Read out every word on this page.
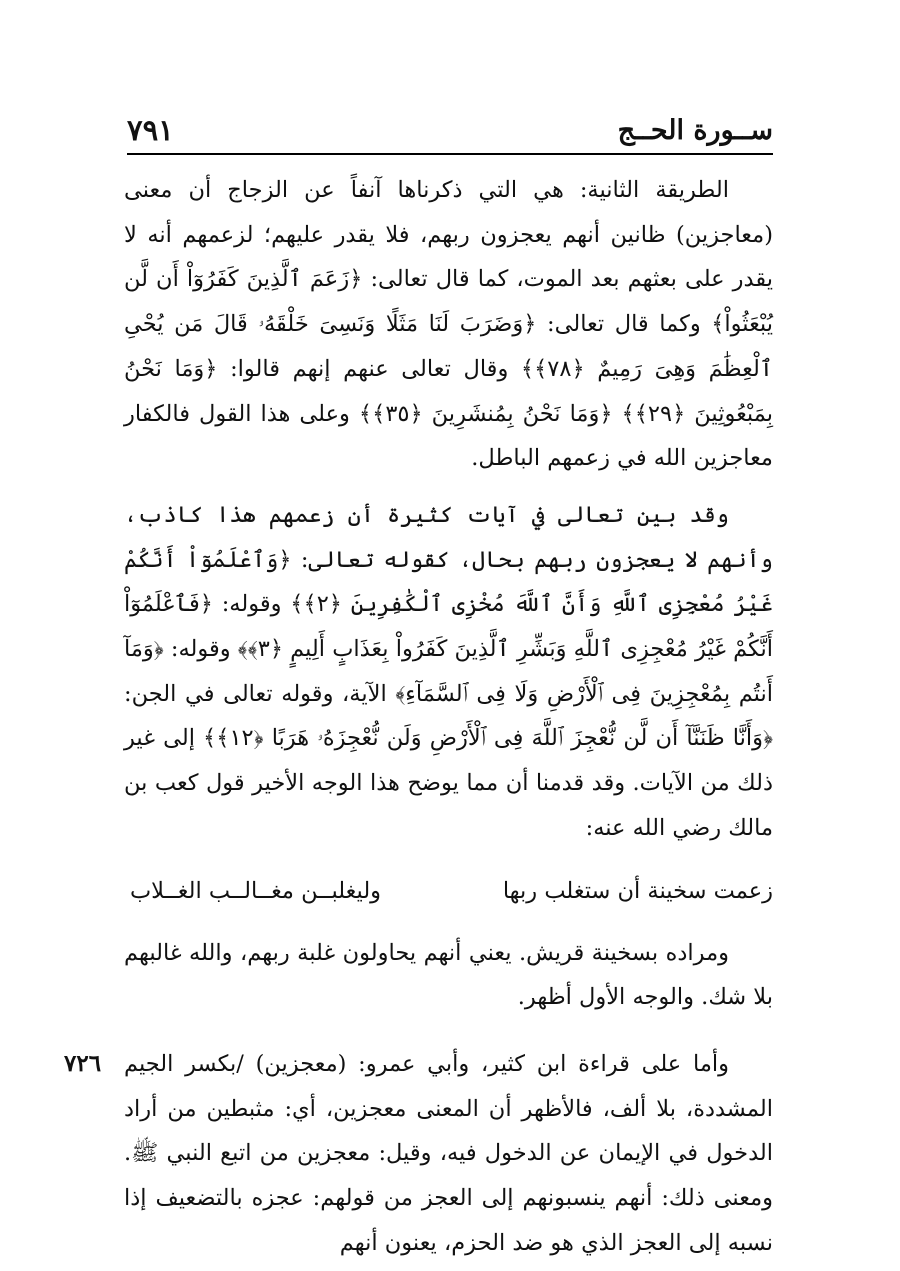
ســورة الحــج
٧٩١

الطريقة الثانية: هي التي ذكرناها آنفاً عن الزجاج أن معنى (معاجزين) ظانين أنهم يعجزون ربهم، فلا يقدر عليهم؛ لزعمهم أنه لا يقدر على بعثهم بعد الموت، كما قال تعالى: ﴿زَعَمَ ٱلَّذِينَ كَفَرُوٓاْ أَن لَّن يُبْعَثُواْ﴾ وكما قال تعالى: ﴿وَضَرَبَ لَنَا مَثَلًا وَنَسِىَ خَلْقَهُۥ قَالَ مَن يُحْىِ ٱلْعِظَٰمَ وَهِىَ رَمِيمٌ ﴿٧٨﴾﴾ وقال تعالى عنهم إنهم قالوا: ﴿وَمَا نَحْنُ بِمَبْعُوثِينَ ﴿٢٩﴾﴾ ﴿وَمَا نَحْنُ بِمُنشَرِينَ ﴿٣٥﴾﴾ وعلى هذا القول فالكفار معاجزين الله في زعمهم الباطل.

وقد بين تعالى في آيات كثيرة أن زعمهم هذا كاذب، وأنهم لا يعجزون ربهم بحال، كقوله تعالى: ﴿وَٱعْلَمُوٓاْ أَنَّكُمْ غَيْرُ مُعْجِزِى ٱللَّهِ وَأَنَّ ٱللَّهَ مُخْزِى ٱلْكَٰفِرِينَ ﴿٢﴾﴾ وقوله: ﴿فَٱعْلَمُوٓاْ أَنَّكُمْ غَيْرُ مُعْجِزِى ٱللَّهِ وَبَشِّرِ ٱلَّذِينَ كَفَرُواْ بِعَذَابٍ أَلِيمٍ ﴿٣﴾﴾ وقوله: ﴿وَمَآ أَنتُم بِمُعْجِزِينَ فِى ٱلْأَرْضِ وَلَا فِى ٱلسَّمَآءِ﴾ الآية، وقوله تعالى في الجن: ﴿وَأَنَّا ظَنَنَّآ أَن لَّن نُّعْجِزَ ٱللَّهَ فِى ٱلْأَرْضِ وَلَن نُّعْجِزَهُۥ هَرَبًا ﴿١٢﴾﴾ إلى غير ذلك من الآيات. وقد قدمنا أن مما يوضح هذا الوجه الأخير قول كعب بن مالك رضي الله عنه:

زعمت سخينة أن ستغلب ربها
وليغلبــن مغــالــب الغــلاب

ومراده بسخينة قريش. يعني أنهم يحاولون غلبة ربهم، والله غالبهم بلا شك. والوجه الأول أظهر.

٧٢٦ وأما على قراءة ابن كثير، وأبي عمرو: (معجزين) /بكسر الجيم المشددة، بلا ألف، فالأظهر أن المعنى معجزين، أي: مثبطين من أراد الدخول في الإيمان عن الدخول فيه، وقيل: معجزين من اتبع النبي ﷺ. ومعنى ذلك: أنهم ينسبونهم إلى العجز من قولهم: عجزه بالتضعيف إذا نسبه إلى العجز الذي هو ضد الحزم، يعنون أنهم
